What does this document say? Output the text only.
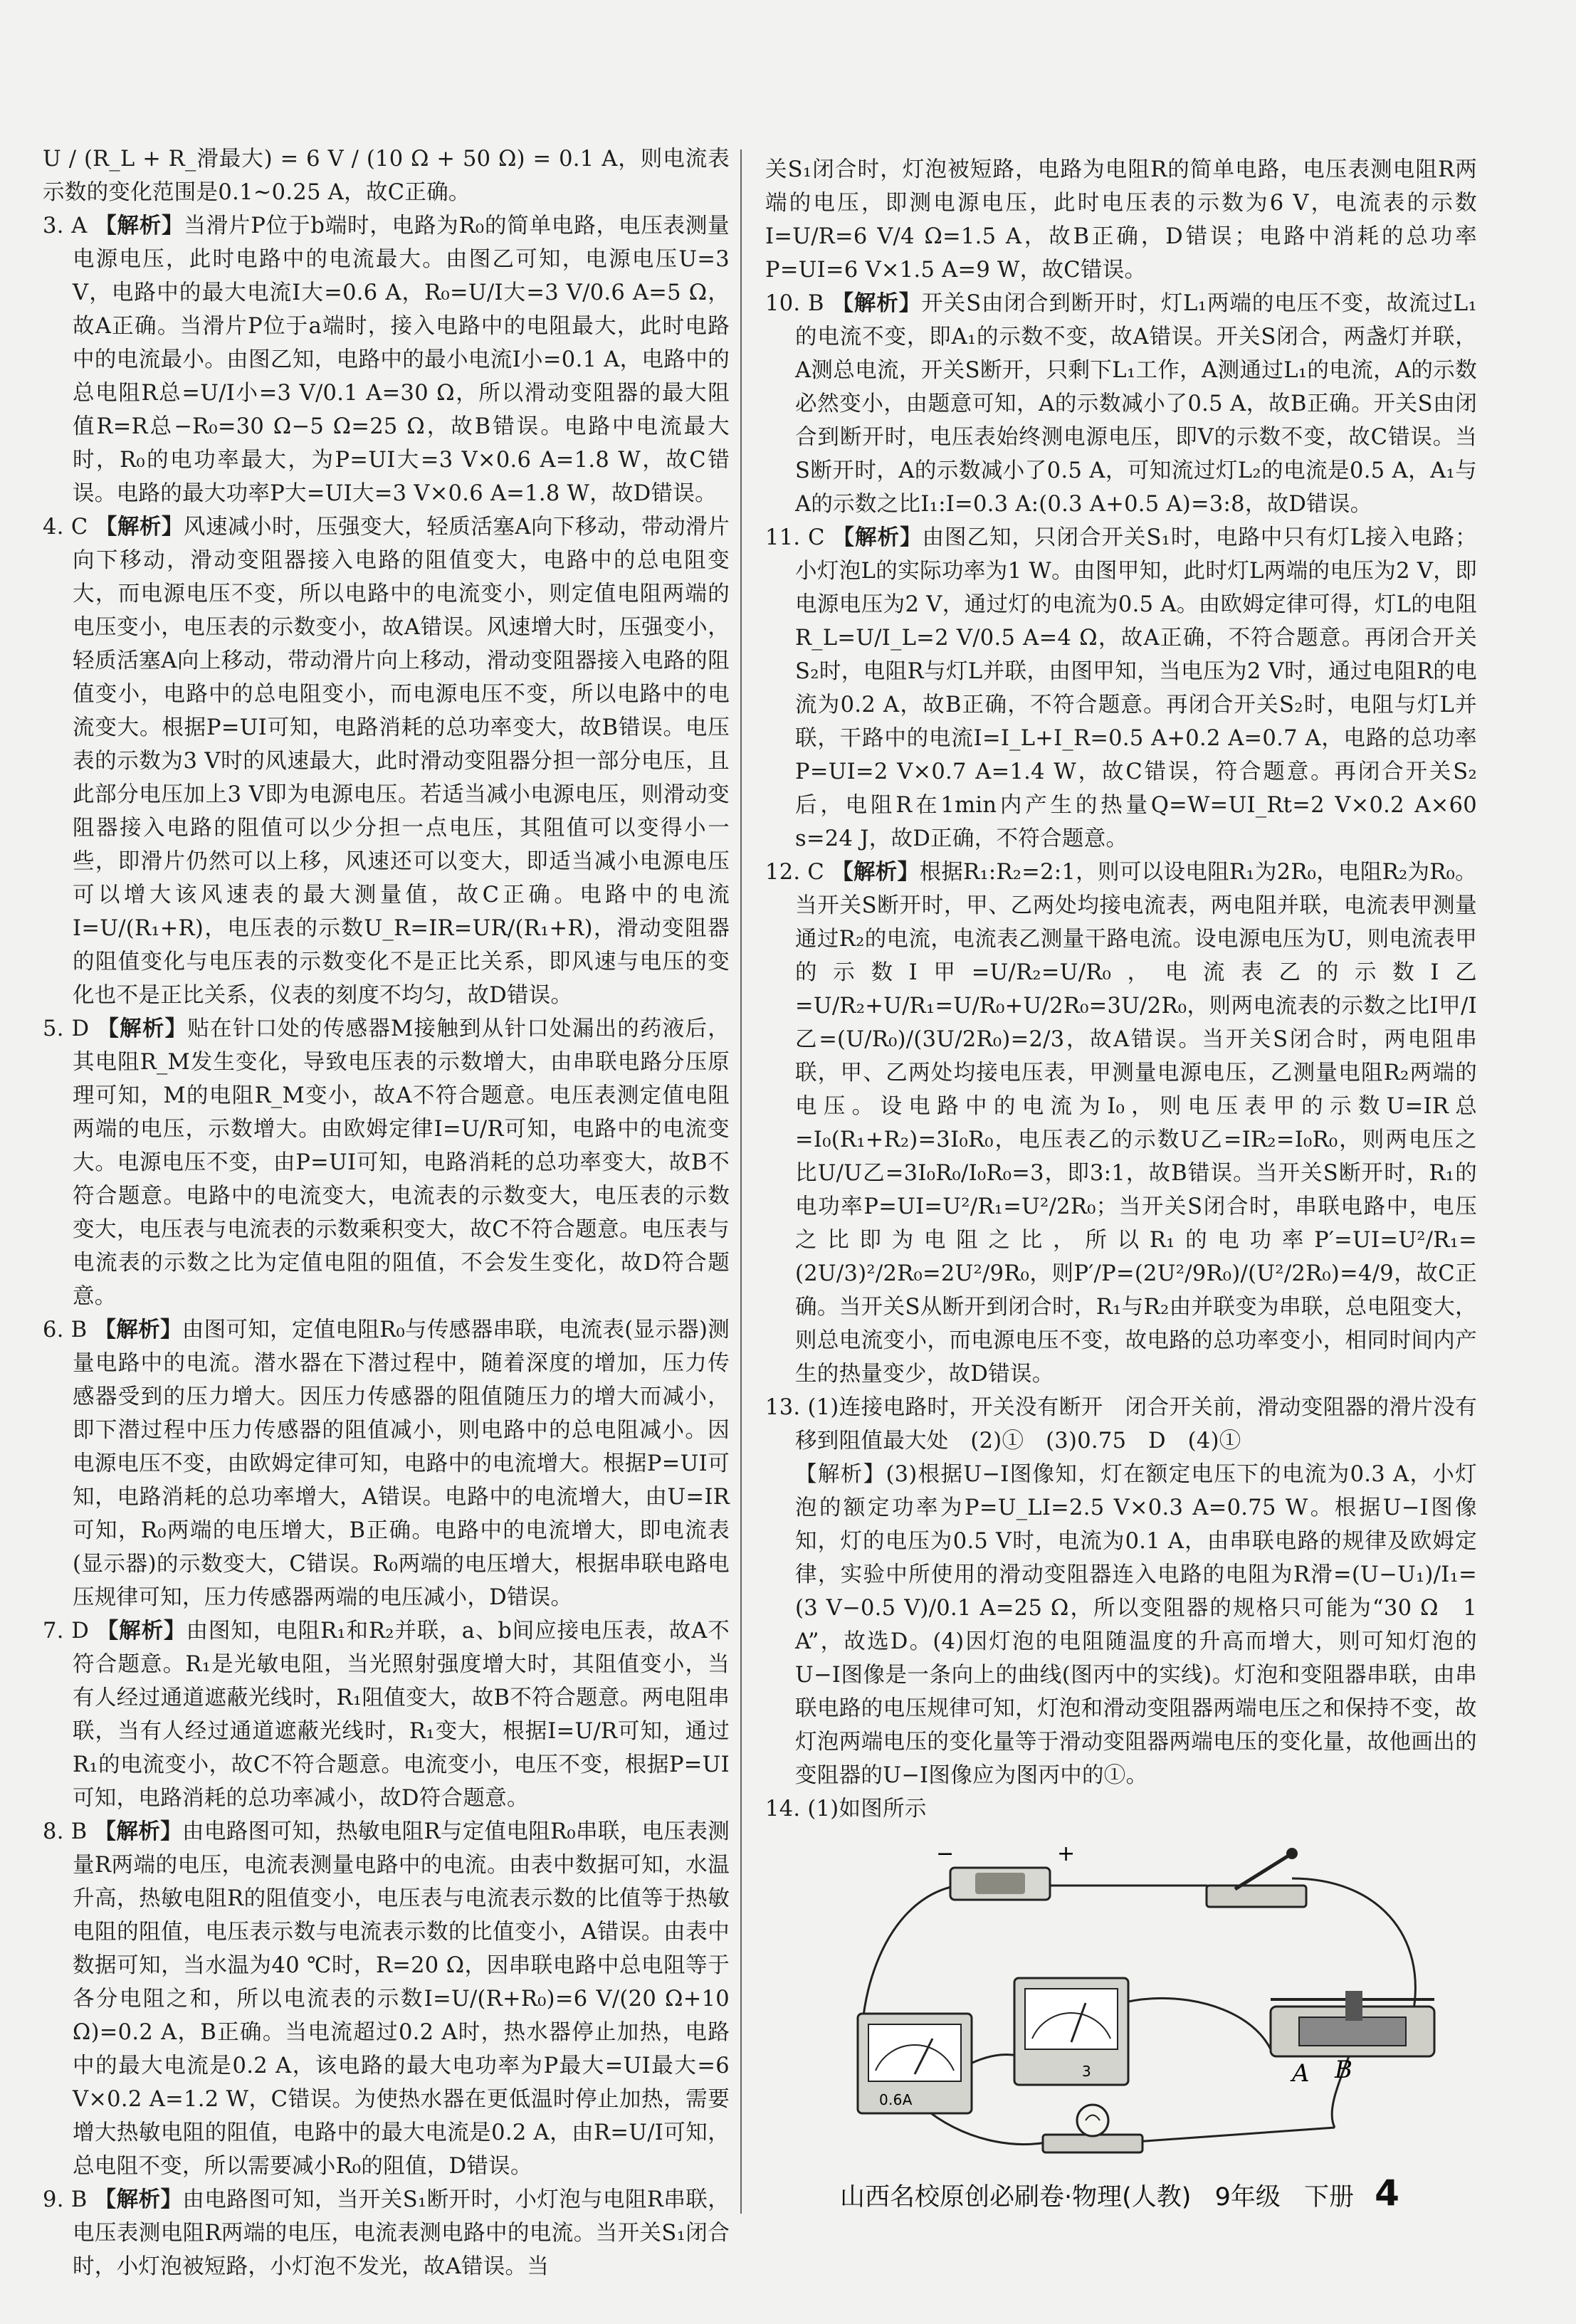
U / (R_L + R_滑最大) = 6 V / (10 Ω + 50 Ω) = 0.1 A，则电流表示数的变化范围是0.1~0.25 A，故C正确。

3. A 【解析】当滑片P位于b端时，电路为R₀的简单电路，电压表测量电源电压，此时电路中的电流最大。由图乙可知，电源电压U=3 V，电路中的最大电流I大=0.6 A，R₀=U/I大=3 V/0.6 A=5 Ω，故A正确。当滑片P位于a端时，接入电路中的电阻最大，此时电路中的电流最小。由图乙知，电路中的最小电流I小=0.1 A，电路中的总电阻R总=U/I小=3 V/0.1 A=30 Ω，所以滑动变阻器的最大阻值R=R总−R₀=30 Ω−5 Ω=25 Ω，故B错误。电路中电流最大时，R₀的电功率最大，为P=UI大=3 V×0.6 A=1.8 W，故C错误。电路的最大功率P大=UI大=3 V×0.6 A=1.8 W，故D错误。

4. C 【解析】风速减小时，压强变大，轻质活塞A向下移动，带动滑片向下移动，滑动变阻器接入电路的阻值变大，电路中的总电阻变大，而电源电压不变，所以电路中的电流变小，则定值电阻两端的电压变小，电压表的示数变小，故A错误。风速增大时，压强变小，轻质活塞A向上移动，带动滑片向上移动，滑动变阻器接入电路的阻值变小，电路中的总电阻变小，而电源电压不变，所以电路中的电流变大。根据P=UI可知，电路消耗的总功率变大，故B错误。电压表的示数为3 V时的风速最大，此时滑动变阻器分担一部分电压，且此部分电压加上3 V即为电源电压。若适当减小电源电压，则滑动变阻器接入电路的阻值可以少分担一点电压，其阻值可以变得小一些，即滑片仍然可以上移，风速还可以变大，即适当减小电源电压可以增大该风速表的最大测量值，故C正确。电路中的电流I=U/(R₁+R)，电压表的示数U_R=IR=UR/(R₁+R)，滑动变阻器的阻值变化与电压表的示数变化不是正比关系，即风速与电压的变化也不是正比关系，仪表的刻度不均匀，故D错误。

5. D 【解析】贴在针口处的传感器M接触到从针口处漏出的药液后，其电阻R_M发生变化，导致电压表的示数增大，由串联电路分压原理可知，M的电阻R_M变小，故A不符合题意。电压表测定值电阻两端的电压，示数增大。由欧姆定律I=U/R可知，电路中的电流变大。电源电压不变，由P=UI可知，电路消耗的总功率变大，故B不符合题意。电路中的电流变大，电流表的示数变大，电压表的示数变大，电压表与电流表的示数乘积变大，故C不符合题意。电压表与电流表的示数之比为定值电阻的阻值，不会发生变化，故D符合题意。

6. B 【解析】由图可知，定值电阻R₀与传感器串联，电流表(显示器)测量电路中的电流。潜水器在下潜过程中，随着深度的增加，压力传感器受到的压力增大。因压力传感器的阻值随压力的增大而减小，即下潜过程中压力传感器的阻值减小，则电路中的总电阻减小。因电源电压不变，由欧姆定律可知，电路中的电流增大。根据P=UI可知，电路消耗的总功率增大，A错误。电路中的电流增大，由U=IR可知，R₀两端的电压增大，B正确。电路中的电流增大，即电流表(显示器)的示数变大，C错误。R₀两端的电压增大，根据串联电路电压规律可知，压力传感器两端的电压减小，D错误。

7. D 【解析】由图知，电阻R₁和R₂并联，a、b间应接电压表，故A不符合题意。R₁是光敏电阻，当光照射强度增大时，其阻值变小，当有人经过通道遮蔽光线时，R₁阻值变大，故B不符合题意。两电阻串联，当有人经过通道遮蔽光线时，R₁变大，根据I=U/R可知，通过R₁的电流变小，故C不符合题意。电流变小，电压不变，根据P=UI可知，电路消耗的总功率减小，故D符合题意。

8. B 【解析】由电路图可知，热敏电阻R与定值电阻R₀串联，电压表测量R两端的电压，电流表测量电路中的电流。由表中数据可知，水温升高，热敏电阻R的阻值变小，电压表与电流表示数的比值等于热敏电阻的阻值，电压表示数与电流表示数的比值变小，A错误。由表中数据可知，当水温为40 ℃时，R=20 Ω，因串联电路中总电阻等于各分电阻之和，所以电流表的示数I=U/(R+R₀)=6 V/(20 Ω+10 Ω)=0.2 A，B正确。当电流超过0.2 A时，热水器停止加热，电路中的最大电流是0.2 A，该电路的最大电功率为P最大=UI最大=6 V×0.2 A=1.2 W，C错误。为使热水器在更低温时停止加热，需要增大热敏电阻的阻值，电路中的最大电流是0.2 A，由R=U/I可知，总电阻不变，所以需要减小R₀的阻值，D错误。

9. B 【解析】由电路图可知，当开关S₁断开时，小灯泡与电阻R串联，电压表测电阻R两端的电压，电流表测电路中的电流。当开关S₁闭合时，小灯泡被短路，小灯泡不发光，故A错误。当

关S₁闭合时，灯泡被短路，电路为电阻R的简单电路，电压表测电阻R两端的电压，即测电源电压，此时电压表的示数为6 V，电流表的示数I=U/R=6 V/4 Ω=1.5 A，故B正确，D错误；电路中消耗的总功率P=UI=6 V×1.5 A=9 W，故C错误。

10. B 【解析】开关S由闭合到断开时，灯L₁两端的电压不变，故流过L₁的电流不变，即A₁的示数不变，故A错误。开关S闭合，两盏灯并联，A测总电流，开关S断开，只剩下L₁工作，A测通过L₁的电流，A的示数必然变小，由题意可知，A的示数减小了0.5 A，故B正确。开关S由闭合到断开时，电压表始终测电源电压，即V的示数不变，故C错误。当S断开时，A的示数减小了0.5 A，可知流过灯L₂的电流是0.5 A，A₁与A的示数之比I₁:I=0.3 A:(0.3 A+0.5 A)=3:8，故D错误。

11. C 【解析】由图乙知，只闭合开关S₁时，电路中只有灯L接入电路；小灯泡L的实际功率为1 W。由图甲知，此时灯L两端的电压为2 V，即电源电压为2 V，通过灯的电流为0.5 A。由欧姆定律可得，灯L的电阻R_L=U/I_L=2 V/0.5 A=4 Ω，故A正确，不符合题意。再闭合开关S₂时，电阻R与灯L并联，由图甲知，当电压为2 V时，通过电阻R的电流为0.2 A，故B正确，不符合题意。再闭合开关S₂时，电阻与灯L并联，干路中的电流I=I_L+I_R=0.5 A+0.2 A=0.7 A，电路的总功率P=UI=2 V×0.7 A=1.4 W，故C错误，符合题意。再闭合开关S₂后，电阻R在1min内产生的热量Q=W=UI_Rt=2 V×0.2 A×60 s=24 J，故D正确，不符合题意。

12. C 【解析】根据R₁:R₂=2:1，则可以设电阻R₁为2R₀，电阻R₂为R₀。当开关S断开时，甲、乙两处均接电流表，两电阻并联，电流表甲测量通过R₂的电流，电流表乙测量干路电流。设电源电压为U，则电流表甲的示数I甲=U/R₂=U/R₀，电流表乙的示数I乙=U/R₂+U/R₁=U/R₀+U/2R₀=3U/2R₀，则两电流表的示数之比I甲/I乙=(U/R₀)/(3U/2R₀)=2/3，故A错误。当开关S闭合时，两电阻串联，甲、乙两处均接电压表，甲测量电源电压，乙测量电阻R₂两端的电压。设电路中的电流为I₀，则电压表甲的示数U=IR总=I₀(R₁+R₂)=3I₀R₀，电压表乙的示数U乙=IR₂=I₀R₀，则两电压之比U/U乙=3I₀R₀/I₀R₀=3，即3:1，故B错误。当开关S断开时，R₁的电功率P=UI=U²/R₁=U²/2R₀；当开关S闭合时，串联电路中，电压之比即为电阻之比，所以R₁的电功率P′=UI=U²/R₁=(2U/3)²/2R₀=2U²/9R₀，则P′/P=(2U²/9R₀)/(U²/2R₀)=4/9，故C正确。当开关S从断开到闭合时，R₁与R₂由并联变为串联，总电阻变大，则总电流变小，而电源电压不变，故电路的总功率变小，相同时间内产生的热量变少，故D错误。

13. (1)连接电路时，开关没有断开　闭合开关前，滑动变阻器的滑片没有移到阻值最大处　(2)①　(3)0.75　D　(4)①

【解析】(3)根据U−I图像知，灯在额定电压下的电流为0.3 A，小灯泡的额定功率为P=U_LI=2.5 V×0.3 A=0.75 W。根据U−I图像知，灯的电压为0.5 V时，电流为0.1 A，由串联电路的规律及欧姆定律，实验中所使用的滑动变阻器连入电路的电阻为R滑=(U−U₁)/I₁=(3 V−0.5 V)/0.1 A=25 Ω，所以变阻器的规格只可能为“30 Ω　1 A”，故选D。(4)因灯泡的电阻随温度的升高而增大，则可知灯泡的U−I图像是一条向上的曲线(图丙中的实线)。灯泡和变阻器串联，由串联电路的电压规律可知，灯泡和滑动变阻器两端电压之和保持不变，故灯泡两端电压的变化量等于滑动变阻器两端电压的变化量，故他画出的变阻器的U−I图像应为图丙中的①。

14. (1)如图所示

−	+
0.6A
3	A B
山西名校原创必刷卷·物理(人教) 9年级 下册 4
